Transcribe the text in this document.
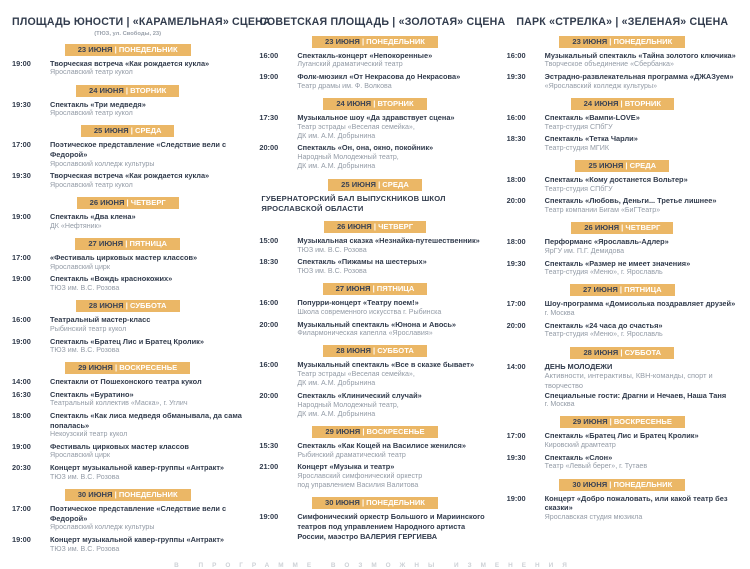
ПЛОЩАДЬ ЮНОСТИ | «КАРАМЕЛЬНАЯ» СЦЕНА
(ТЮЗ, ул. Свободы, 23)
23 ИЮНЯ | ПОНЕДЕЛЬНИК
19:00	Творческая встреча «Как рождается кукла»
Ярославский театр кукол
24 ИЮНЯ | ВТОРНИК
19:30	Спектакль «Три медведя»
Ярославский театр кукол
25 ИЮНЯ | СРЕДА
17:00	Поэтическое представление «Следствие вели с Федорой»
Ярославский колледж культуры
19:30	Творческая встреча «Как рождается кукла»
Ярославский театр кукол
26 ИЮНЯ | ЧЕТВЕРГ
19:00	Спектакль «Два клена»
ДК «Нефтяник»
27 ИЮНЯ | ПЯТНИЦА
17:00	«Фестиваль цирковых мастер классов»
Ярославский цирк
19:00	Спектакль «Вождь краснокожих»
ТЮЗ им. В.С. Розова
28 ИЮНЯ | СУББОТА
16:00	Театральный мастер-класс
Рыбинский театр кукол
19:00	Спектакль «Братец Лис и Братец Кролик»
ТЮЗ им. В.С. Розова
29 ИЮНЯ | ВОСКРЕСЕНЬЕ
14:00	Спектакли от Пошехонского театра кукол
16:30	Спектакль «Буратино»
Театральный коллектив «Маска», г. Углич
18:00	Спектакль «Как лиса медведя обманывала, да сама попалась»
Некоузский театр кукол
19:00	Фестиваль цирковых мастер классов
Ярославский цирк
20:30	Концерт музыкальной кавер-группы «Антракт»
ТЮЗ им. В.С. Розова
30 ИЮНЯ | ПОНЕДЕЛЬНИК
17:00	Поэтическое представление «Следствие вели с Федорой»
Ярославский колледж культуры
19:00	Концерт музыкальной кавер-группы «Антракт»
ТЮЗ им. В.С. Розова
СОВЕТСКАЯ ПЛОЩАДЬ | «ЗОЛОТАЯ» СЦЕНА
23 ИЮНЯ | ПОНЕДЕЛЬНИК
16:00	Спектакль-концерт «Непокоренные»
Луганский драматический театр
19:00	Фолк-мюзикл «От Некрасова до Некрасова»
Театр драмы им. Ф. Волкова
24 ИЮНЯ | ВТОРНИК
17:30	Музыкальное шоу «Да здравствует сцена»
Театр эстрады «Веселая семейка»,
ДК им. А.М. Добрынина
20:00	Спектакль «Он, она, окно, покойник»
Народный Молодежный театр,
ДК им. А.М. Добрынина
25 ИЮНЯ | СРЕДА
ГУБЕРНАТОРСКИЙ БАЛ ВЫПУСКНИКОВ ШКОЛ ЯРОСЛАВСКОЙ ОБЛАСТИ
26 ИЮНЯ | ЧЕТВЕРГ
15:00	Музыкальная сказка «Незнайка-путешественник»
ТЮЗ им. В.С. Розова
18:30	Спектакль «Пижамы на шестерых»
ТЮЗ им. В.С. Розова
27 ИЮНЯ | ПЯТНИЦА
16:00	Попурри-концерт «Театру поем!»
Школа современного искусства г. Рыбинска
20:00	Музыкальный спектакль «Юнона и Авось»
Филармоническая капелла «Ярославия»
28 ИЮНЯ | СУББОТА
16:00	Музыкальный спектакль «Все в сказке бывает»
Театр эстрады «Веселая семейка»,
ДК им. А.М. Добрынина
20:00	Спектакль «Клинический случай»
Народный Молодежный театр,
ДК им. А.М. Добрынина
29 ИЮНЯ | ВОСКРЕСЕНЬЕ
15:30	Спектакль «Как Кощей на Василисе женился»
Рыбинский драматический театр
21:00	Концерт «Музыка и театр»
Ярославский симфонический оркестр
под управлением Василия Валитова
30 ИЮНЯ | ПОНЕДЕЛЬНИК
19:00	Симфонический оркестр Большого и Мариинского театров под управлением Народного артиста России, маэстро ВАЛЕРИЯ ГЕРГИЕВА
ПАРК «СТРЕЛКА» | «ЗЕЛЕНАЯ» СЦЕНА
23 ИЮНЯ | ПОНЕДЕЛЬНИК
16:00	Музыкальный спектакль «Тайна золотого ключика»
Творческое объединение «Сбербанка»
19:30	Эстрадно-развлекательная программа «ДЖАЗуем»
«Ярославский колледж культуры»
24 ИЮНЯ | ВТОРНИК
16:00	Спектакль «Вампи-LOVE»
Театр-студия СПбГУ
18:30	Спектакль «Тетка Чарли»
Театр-студия МГИК
25 ИЮНЯ | СРЕДА
18:00	Спектакль «Кому достанется Вольтер»
Театр-студия СПбГУ
20:00	Спектакль «Любовь, Деньги... Третье лишнее»
Театр компании Бигам «БиГТеатр»
26 ИЮНЯ | ЧЕТВЕРГ
18:00	Перформанс «Ярославль-Адлер»
ЯрГУ им. П.Г. Демидова
19:30	Спектакль «Размер не имеет значения»
Театр-студия «Меню», г. Ярославль
27 ИЮНЯ | ПЯТНИЦА
17:00	Шоу-программа «Домисолька поздравляет друзей»
г. Москва
20:00	Спектакль «24 часа до счастья»
Театр-студия «Меню», г. Ярославль
28 ИЮНЯ | СУББОТА
14:00	ДЕНЬ МОЛОДЕЖИ
Активности, интерактивы, КВН-команды, спорт и творчество
Специальные гости: Драгни и Нечаев, Наша Таня
г. Москва
29 ИЮНЯ | ВОСКРЕСЕНЬЕ
17:00	Спектакль «Братец Лис и Братец Кролик»
Кировский драмтеатр
19:30	Спектакль «Слон»
Театр «Левый берег», г. Тутаев
30 ИЮНЯ | ПОНЕДЕЛЬНИК
19:00	Концерт «Добро пожаловать, или какой театр без сказки»
Ярославская студия мюзикла
В ПРОГРАММЕ ВОЗМОЖНЫ ИЗМЕНЕНИЯ
